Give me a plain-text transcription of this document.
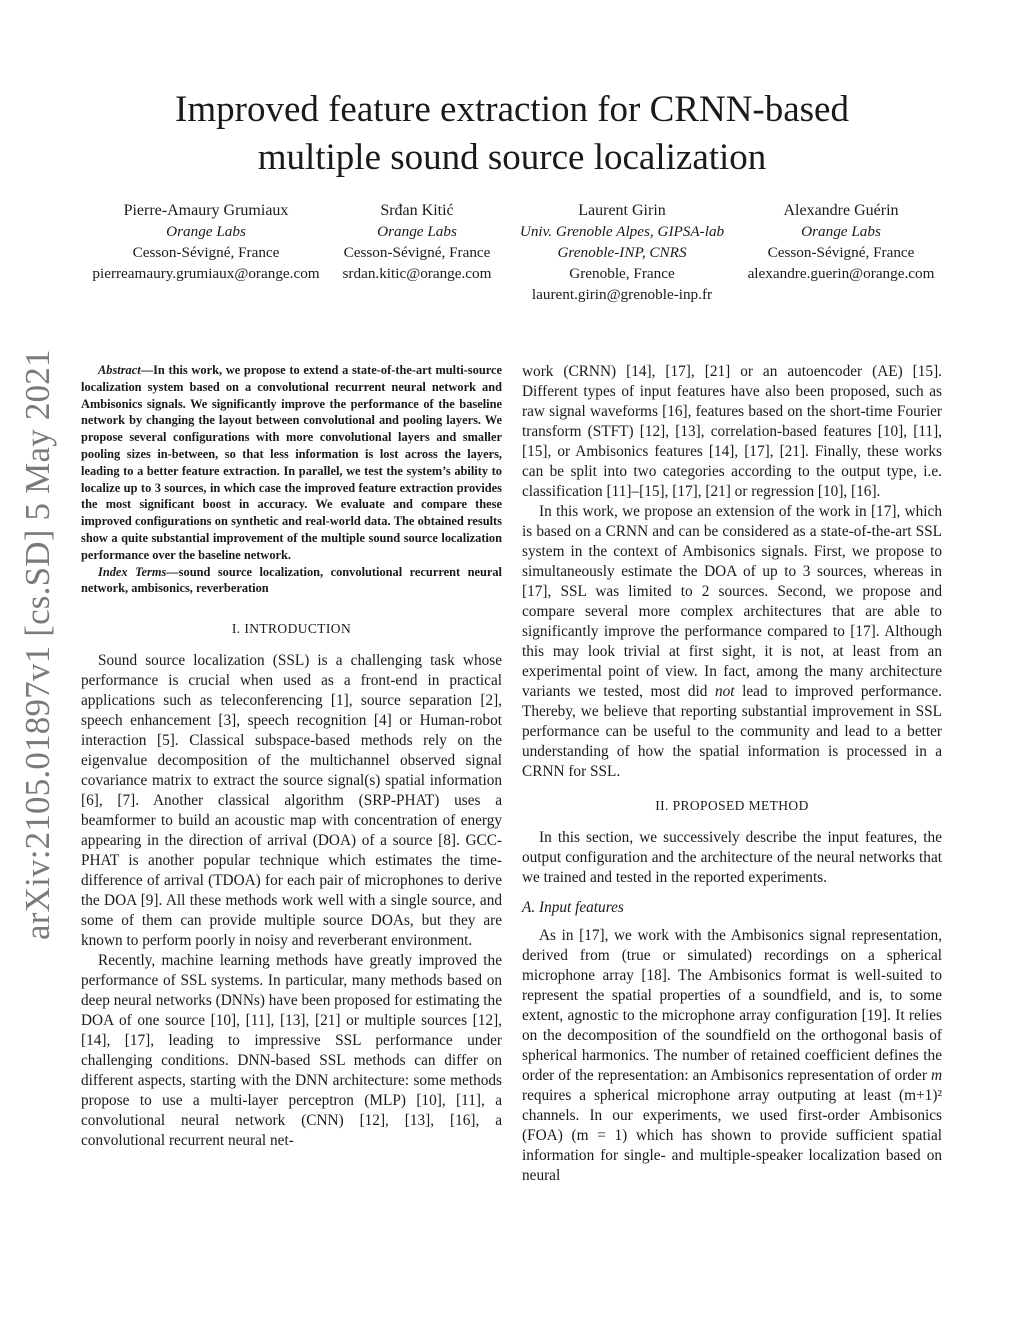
Improved feature extraction for CRNN-based
multiple sound source localization
Pierre-Amaury Grumiaux
Orange Labs
Cesson-Sévigné, France
pierreamaury.grumiaux@orange.com
Srđan Kitić
Orange Labs
Cesson-Sévigné, France
srdan.kitic@orange.com
Laurent Girin
Univ. Grenoble Alpes, GIPSA-lab
Grenoble-INP, CNRS
Grenoble, France
laurent.girin@grenoble-inp.fr
Alexandre Guérin
Orange Labs
Cesson-Sévigné, France
alexandre.guerin@orange.com
arXiv:2105.01897v1 [cs.SD] 5 May 2021	Abstract—In this work, we propose to extend a state-of-the-art multi-source localization system based on a convolutional recurrent neural network and Ambisonics signals. We significantly improve the performance of the baseline network by changing the layout between convolutional and pooling layers. We propose several configurations with more convolutional layers and smaller pooling sizes in-between, so that less information is lost across the layers, leading to a better feature extraction. In parallel, we test the system’s ability to localize up to 3 sources, in which case the improved feature extraction provides the most significant boost in accuracy. We evaluate and compare these improved configurations on synthetic and real-world data. The obtained results show a quite substantial improvement of the multiple sound source localization performance over the baseline network.

Index Terms—sound source localization, convolutional recurrent neural network, ambisonics, reverberation

I. INTRODUCTION

Sound source localization (SSL) is a challenging task whose performance is crucial when used as a front-end in practical applications such as teleconferencing [1], source separation [2], speech enhancement [3], speech recognition [4] or Human-robot interaction [5]. Classical subspace-based methods rely on the eigenvalue decomposition of the multichannel observed signal covariance matrix to extract the source signal(s) spatial information [6], [7]. Another classical algorithm (SRP-PHAT) uses a beamformer to build an acoustic map with concentration of energy appearing in the direction of arrival (DOA) of a source [8]. GCC-PHAT is another popular technique which estimates the time-difference of arrival (TDOA) for each pair of microphones to derive the DOA [9]. All these methods work well with a single source, and some of them can provide multiple source DOAs, but they are known to perform poorly in noisy and reverberant environment.

Recently, machine learning methods have greatly improved the performance of SSL systems. In particular, many methods based on deep neural networks (DNNs) have been proposed for estimating the DOA of one source [10], [11], [13], [21] or multiple sources [12], [14], [17], leading to impressive SSL performance under challenging conditions. DNN-based SSL methods can differ on different aspects, starting with the DNN architecture: some methods propose to use a multi-layer perceptron (MLP) [10], [11], a convolutional neural network (CNN) [12], [13], [16], a convolutional recurrent neural net-

work (CRNN) [14], [17], [21] or an autoencoder (AE) [15]. Different types of input features have also been proposed, such as raw signal waveforms [16], features based on the short-time Fourier transform (STFT) [12], [13], correlation-based features [10], [11], [15], or Ambisonics features [14], [17], [21]. Finally, these works can be split into two categories according to the output type, i.e. classification [11]–[15], [17], [21] or regression [10], [16].

In this work, we propose an extension of the work in [17], which is based on a CRNN and can be considered as a state-of-the-art SSL system in the context of Ambisonics signals. First, we propose to simultaneously estimate the DOA of up to 3 sources, whereas in [17], SSL was limited to 2 sources. Second, we propose and compare several more complex architectures that are able to significantly improve the performance compared to [17]. Although this may look trivial at first sight, it is not, at least from an experimental point of view. In fact, among the many architecture variants we tested, most did not lead to improved performance. Thereby, we believe that reporting substantial improvement in SSL performance can be useful to the community and lead to a better understanding of how the spatial information is processed in a CRNN for SSL.

II. PROPOSED METHOD

In this section, we successively describe the input features, the output configuration and the architecture of the neural networks that we trained and tested in the reported experiments.

A. Input features

As in [17], we work with the Ambisonics signal representation, derived from (true or simulated) recordings on a spherical microphone array [18]. The Ambisonics format is well-suited to represent the spatial properties of a soundfield, and is, to some extent, agnostic to the microphone array configuration [19]. It relies on the decomposition of the soundfield on the orthogonal basis of spherical harmonics. The number of retained coefficient defines the order of the representation: an Ambisonics representation of order m requires a spherical microphone array outputing at least (m+1)² channels. In our experiments, we used first-order Ambisonics (FOA) (m = 1) which has shown to provide sufficient spatial information for single- and multiple-speaker localization based on neural
